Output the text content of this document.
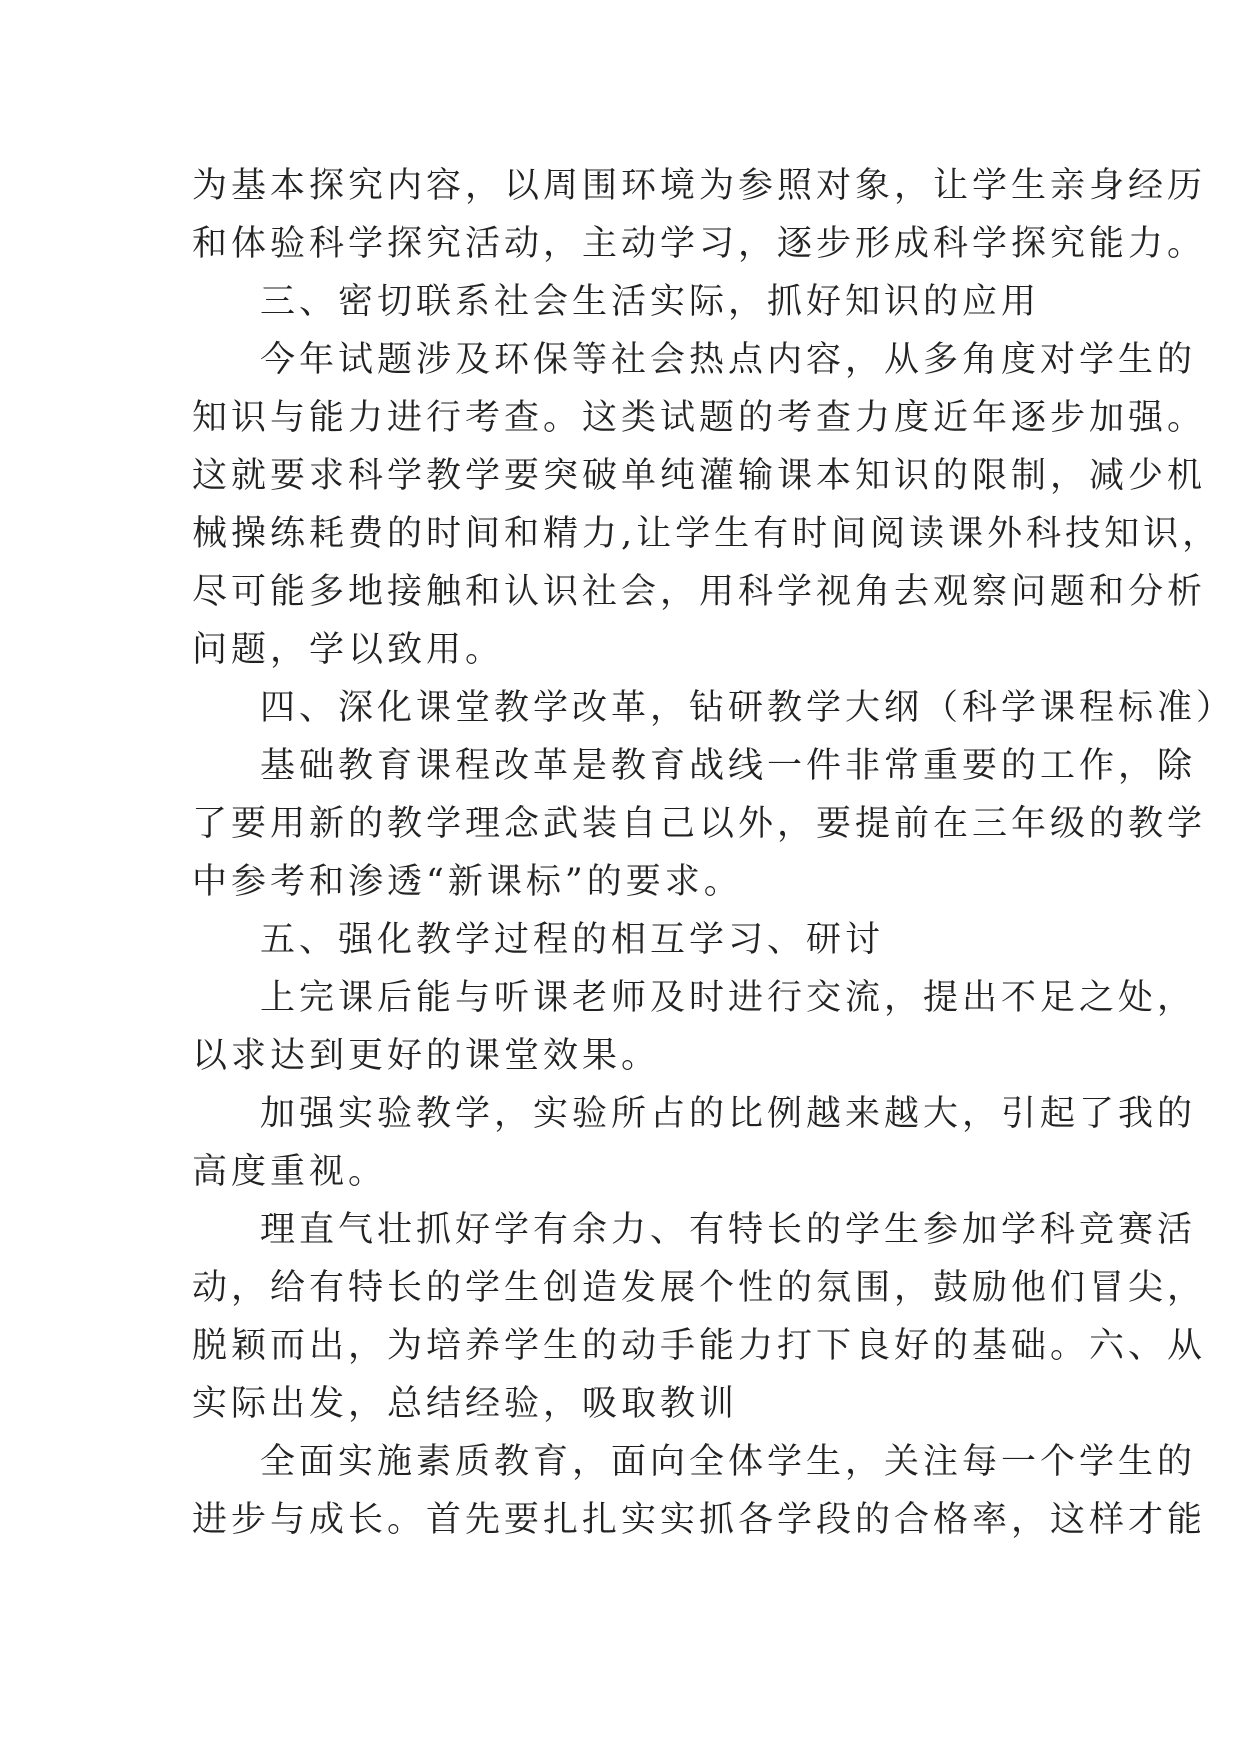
为基本探究内容，以周围环境为参照对象，让学生亲身经历
和体验科学探究活动，主动学习，逐步形成科学探究能力。
三、密切联系社会生活实际，抓好知识的应用
今年试题涉及环保等社会热点内容，从多角度对学生的
知识与能力进行考查。这类试题的考查力度近年逐步加强。
这就要求科学教学要突破单纯灌输课本知识的限制，减少机
械操练耗费的时间和精力,让学生有时间阅读课外科技知识，
尽可能多地接触和认识社会，用科学视角去观察问题和分析
问题，学以致用。
四、深化课堂教学改革，钻研教学大纲（科学课程标准）
基础教育课程改革是教育战线一件非常重要的工作，除
了要用新的教学理念武装自己以外，要提前在三年级的教学
中参考和渗透“新课标”的要求。
五、强化教学过程的相互学习、研讨
上完课后能与听课老师及时进行交流，提出不足之处，
以求达到更好的课堂效果。
加强实验教学，实验所占的比例越来越大，引起了我的
高度重视。
理直气壮抓好学有余力、有特长的学生参加学科竞赛活
动，给有特长的学生创造发展个性的氛围，鼓励他们冒尖，
脱颖而出，为培养学生的动手能力打下良好的基础。六、从
实际出发，总结经验，吸取教训
全面实施素质教育，面向全体学生，关注每一个学生的
进步与成长。首先要扎扎实实抓各学段的合格率，这样才能
